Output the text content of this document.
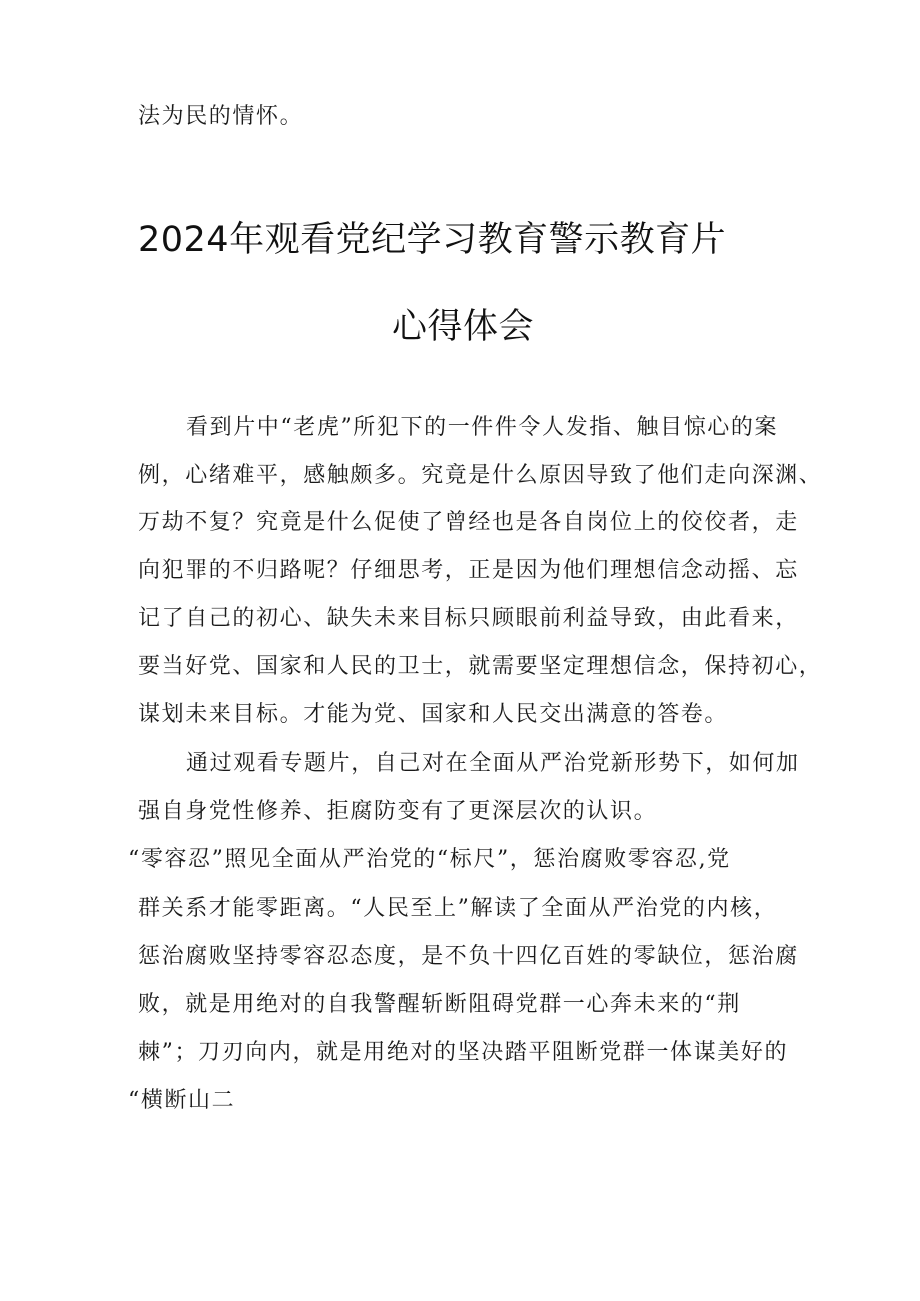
法为民的情怀。
2024年观看党纪学习教育警示教育片
心得体会
看到片中“老虎”所犯下的一件件令人发指、触目惊心的案
例，心绪难平，感触颇多。究竟是什么原因导致了他们走向深渊、
万劫不复？究竟是什么促使了曾经也是各自岗位上的佼佼者，走
向犯罪的不归路呢？仔细思考，正是因为他们理想信念动摇、忘
记了自己的初心、缺失未来目标只顾眼前利益导致，由此看来，
要当好党、国家和人民的卫士，就需要坚定理想信念，保持初心，
谋划未来目标。才能为党、国家和人民交出满意的答卷。
通过观看专题片，自己对在全面从严治党新形势下，如何加
强自身党性修养、拒腐防变有了更深层次的认识。
“零容忍”照见全面从严治党的“标尺”，惩治腐败零容忍,党
群关系才能零距离。“人民至上”解读了全面从严治党的内核，
惩治腐败坚持零容忍态度，是不负十四亿百姓的零缺位，惩治腐
败，就是用绝对的自我警醒斩断阻碍党群一心奔未来的“荆
棘”；刀刃向内，就是用绝对的坚决踏平阻断党群一体谋美好的
“横断山二
